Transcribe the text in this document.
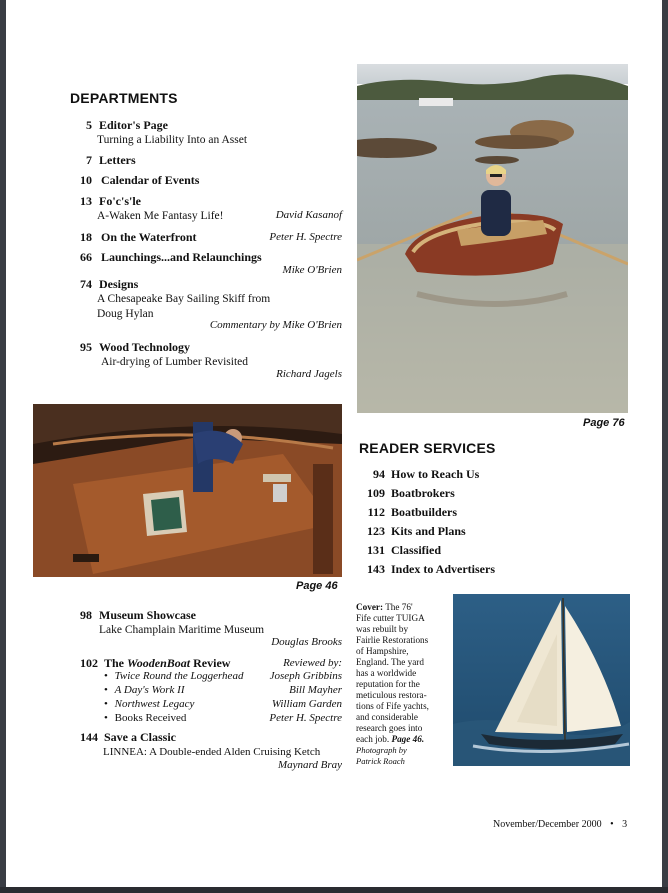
DEPARTMENTS
5 Editor's Page
Turning a Liability Into an Asset
7 Letters
10 Calendar of Events
13 Fo'c's'le
A-Waken Me Fantasy Life!	David Kasanof
18 On the Waterfront	Peter H. Spectre
66 Launchings...and Relaunchings
Mike O'Brien
74 Designs
A Chesapeake Bay Sailing Skiff from
Doug Hylan
Commentary by Mike O'Brien
95 Wood Technology
Air-drying of Lumber Revisited
Richard Jagels
Page 76
Page 46
READER SERVICES
94 How to Reach Us
109 Boatbrokers
112 Boatbuilders
123 Kits and Plans
131 Classified
143 Index to Advertisers
98 Museum Showcase
Lake Champlain Maritime Museum
Douglas Brooks
102 The WoodenBoat Review	Reviewed by:
• Twice Round the Loggerhead Joseph Gribbins
• A Day's Work II	Bill Mayher
• Northwest Legacy	William Garden
• Books Received	Peter H. Spectre
144 Save a Classic
LINNEA: A Double-ended Alden Cruising Ketch
Maynard Bray
Cover: The 76'
Fife cutter TUIGA
was rebuilt by
Fairlie Restorations
of Hampshire,
England. The yard
has a worldwide
reputation for the
meticulous restora-
tions of Fife yachts,
and considerable
research goes into
each job. Page 46.
Photograph by
Patrick Roach
November/December 2000 • 3
